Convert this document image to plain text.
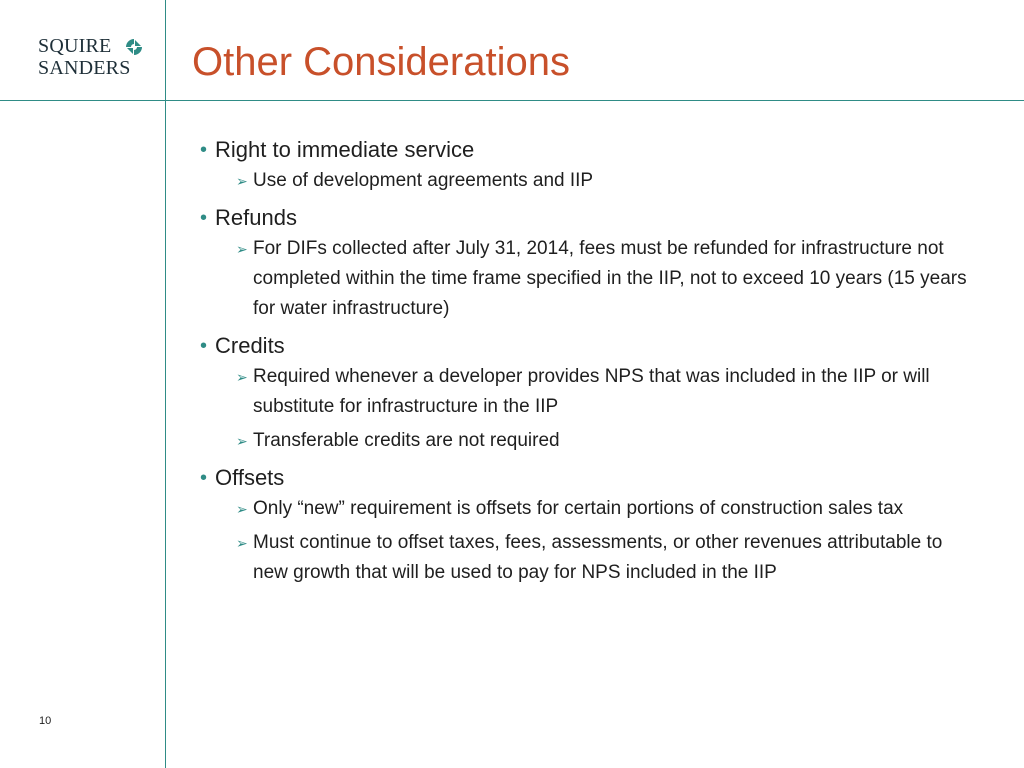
SQUIRE
SANDERS Other Considerations
• Right to immediate service
➢ Use of development agreements and IIP
• Refunds
➢ For DIFs collected after July 31, 2014, fees must be refunded for infrastructure not completed within the time frame specified in the IIP, not to exceed 10 years (15 years for water infrastructure)
• Credits
➢ Required whenever a developer provides NPS that was included in the IIP or will substitute for infrastructure in the IIP
➢ Transferable credits are not required
• Offsets
➢ Only “new” requirement is offsets for certain portions of construction sales tax
➢ Must continue to offset taxes, fees, assessments, or other revenues attributable to new growth that will be used to pay for NPS included in the IIP
10
